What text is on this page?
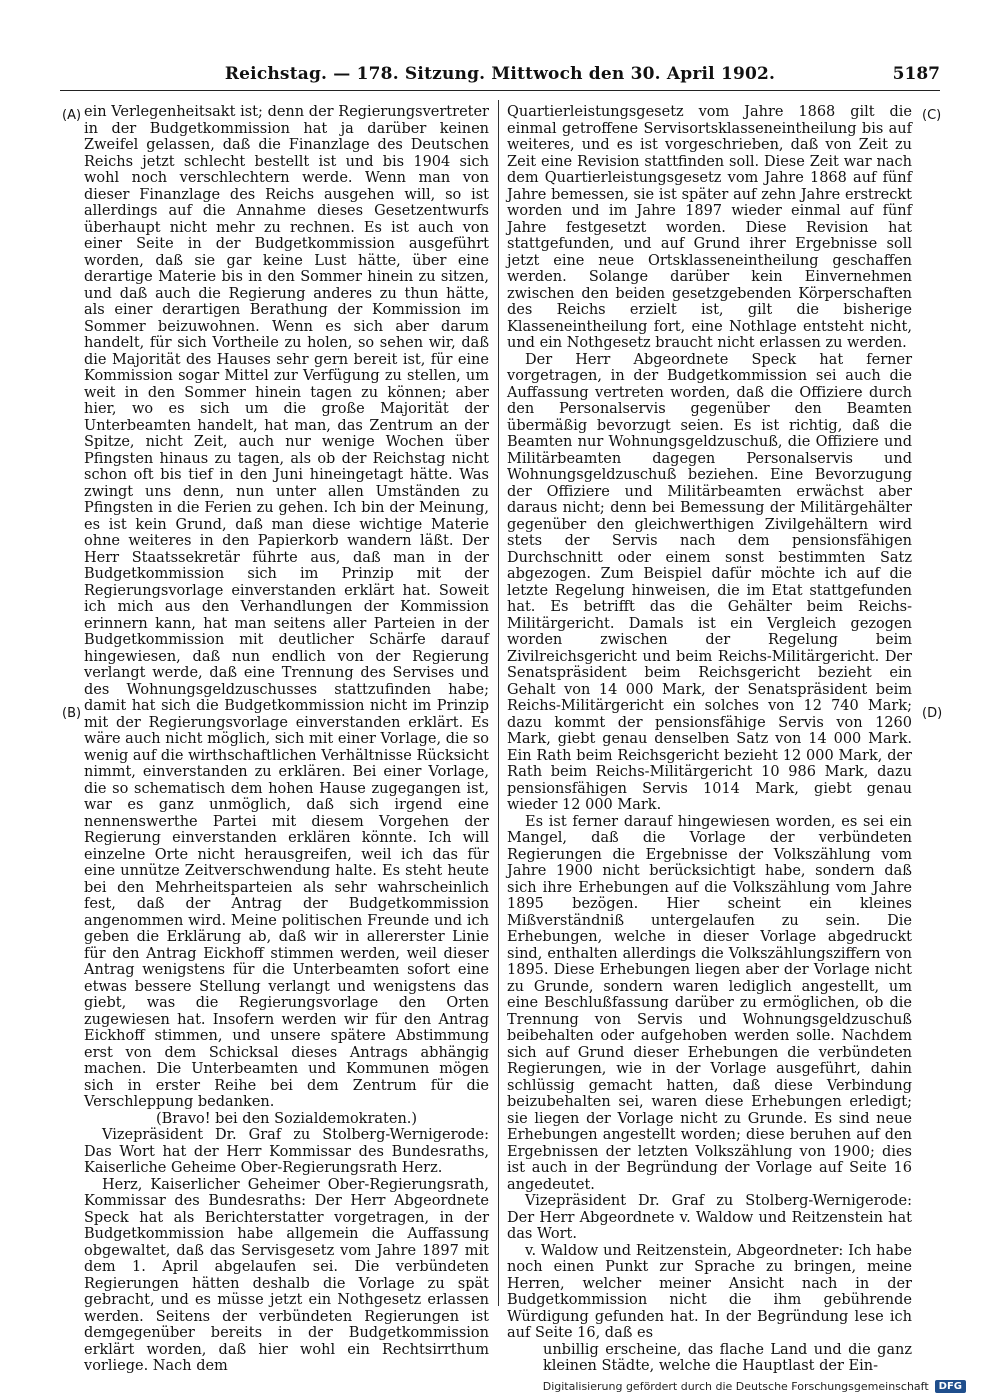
Reichstag. — 178. Sitzung. Mittwoch den 30. April 1902.	5187
(A)
(B)
(C)
(D)

ein Verlegenheitsakt ist; denn der Regierungsvertreter in der Budgetkommission hat ja darüber keinen Zweifel gelassen, daß die Finanzlage des Deutschen Reichs jetzt schlecht bestellt ist und bis 1904 sich wohl noch verschlechtern werde. Wenn man von dieser Finanzlage des Reichs ausgehen will, so ist allerdings auf die Annahme dieses Gesetzentwurfs überhaupt nicht mehr zu rechnen. Es ist auch von einer Seite in der Budgetkommission ausgeführt worden, daß sie gar keine Lust hätte, über eine derartige Materie bis in den Sommer hinein zu sitzen, und daß auch die Regierung anderes zu thun hätte, als einer derartigen Berathung der Kommission im Sommer beizuwohnen. Wenn es sich aber darum handelt, für sich Vortheile zu holen, so sehen wir, daß die Majorität des Hauses sehr gern bereit ist, für eine Kommission sogar Mittel zur Verfügung zu stellen, um weit in den Sommer hinein tagen zu können; aber hier, wo es sich um die große Majorität der Unterbeamten handelt, hat man, das Zentrum an der Spitze, nicht Zeit, auch nur wenige Wochen über Pfingsten hinaus zu tagen, als ob der Reichstag nicht schon oft bis tief in den Juni hineingetagt hätte. Was zwingt uns denn, nun unter allen Umständen zu Pfingsten in die Ferien zu gehen. Ich bin der Meinung, es ist kein Grund, daß man diese wichtige Materie ohne weiteres in den Papierkorb wandern läßt. Der Herr Staatssekretär führte aus, daß man in der Budgetkommission sich im Prinzip mit der Regierungsvorlage einverstanden erklärt hat. Soweit ich mich aus den Verhandlungen der Kommission erinnern kann, hat man seitens aller Parteien in der Budgetkommission mit deutlicher Schärfe darauf hingewiesen, daß nun endlich von der Regierung verlangt werde, daß eine Trennung des Servises und des Wohnungsgeldzuschusses stattzufinden habe; damit hat sich die Budgetkommission nicht im Prinzip mit der Regierungsvorlage einverstanden erklärt. Es wäre auch nicht möglich, sich mit einer Vorlage, die so wenig auf die wirthschaftlichen Verhältnisse Rücksicht nimmt, einverstanden zu erklären. Bei einer Vorlage, die so schematisch dem hohen Hause zugegangen ist, war es ganz unmöglich, daß sich irgend eine nennenswerthe Partei mit diesem Vorgehen der Regierung einverstanden erklären könnte. Ich will einzelne Orte nicht herausgreifen, weil ich das für eine unnütze Zeitverschwendung halte. Es steht heute bei den Mehrheitsparteien als sehr wahrscheinlich fest, daß der Antrag der Budgetkommission angenommen wird. Meine politischen Freunde und ich geben die Erklärung ab, daß wir in allererster Linie für den Antrag Eickhoff stimmen werden, weil dieser Antrag wenigstens für die Unterbeamten sofort eine etwas bessere Stellung verlangt und wenigstens das giebt, was die Regierungsvorlage den Orten zugewiesen hat. Insofern werden wir für den Antrag Eickhoff stimmen, und unsere spätere Abstimmung erst von dem Schicksal dieses Antrags abhängig machen. Die Unterbeamten und Kommunen mögen sich in erster Reihe bei dem Zentrum für die Verschleppung bedanken.

(Bravo! bei den Sozialdemokraten.)

Vizepräsident Dr. Graf zu Stolberg-Wernigerode: Das Wort hat der Herr Kommissar des Bundesraths, Kaiserliche Geheime Ober-Regierungsrath Herz.

Herz, Kaiserlicher Geheimer Ober-Regierungsrath, Kommissar des Bundesraths: Der Herr Abgeordnete Speck hat als Berichterstatter vorgetragen, in der Budgetkommission habe allgemein die Auffassung obgewaltet, daß das Servisgesetz vom Jahre 1897 mit dem 1. April abgelaufen sei. Die verbündeten Regierungen hätten deshalb die Vorlage zu spät gebracht, und es müsse jetzt ein Nothgesetz erlassen werden. Seitens der verbündeten Regierungen ist demgegenüber bereits in der Budgetkommission erklärt worden, daß hier wohl ein Rechtsirrthum vorliege. Nach dem

Quartierleistungsgesetz vom Jahre 1868 gilt die einmal getroffene Servisortsklasseneintheilung bis auf weiteres, und es ist vorgeschrieben, daß von Zeit zu Zeit eine Revision stattfinden soll. Diese Zeit war nach dem Quartierleistungsgesetz vom Jahre 1868 auf fünf Jahre bemessen, sie ist später auf zehn Jahre erstreckt worden und im Jahre 1897 wieder einmal auf fünf Jahre festgesetzt worden. Diese Revision hat stattgefunden, und auf Grund ihrer Ergebnisse soll jetzt eine neue Ortsklasseneintheilung geschaffen werden. Solange darüber kein Einvernehmen zwischen den beiden gesetzgebenden Körperschaften des Reichs erzielt ist, gilt die bisherige Klasseneintheilung fort, eine Nothlage entsteht nicht, und ein Nothgesetz braucht nicht erlassen zu werden.

Der Herr Abgeordnete Speck hat ferner vorgetragen, in der Budgetkommission sei auch die Auffassung vertreten worden, daß die Offiziere durch den Personalservis gegenüber den Beamten übermäßig bevorzugt seien. Es ist richtig, daß die Beamten nur Wohnungsgeldzuschuß, die Offiziere und Militärbeamten dagegen Personalservis und Wohnungsgeldzuschuß beziehen. Eine Bevorzugung der Offiziere und Militärbeamten erwächst aber daraus nicht; denn bei Bemessung der Militärgehälter gegenüber den gleichwerthigen Zivilgehältern wird stets der Servis nach dem pensionsfähigen Durchschnitt oder einem sonst bestimmten Satz abgezogen. Zum Beispiel dafür möchte ich auf die letzte Regelung hinweisen, die im Etat stattgefunden hat. Es betrifft das die Gehälter beim Reichs-Militärgericht. Damals ist ein Vergleich gezogen worden zwischen der Regelung beim Zivilreichsgericht und beim Reichs-Militärgericht. Der Senatspräsident beim Reichsgericht bezieht ein Gehalt von 14 000 Mark, der Senatspräsident beim Reichs-Militärgericht ein solches von 12 740 Mark; dazu kommt der pensionsfähige Servis von 1260 Mark, giebt genau denselben Satz von 14 000 Mark. Ein Rath beim Reichsgericht bezieht 12 000 Mark, der Rath beim Reichs-Militärgericht 10 986 Mark, dazu pensionsfähigen Servis 1014 Mark, giebt genau wieder 12 000 Mark.

Es ist ferner darauf hingewiesen worden, es sei ein Mangel, daß die Vorlage der verbündeten Regierungen die Ergebnisse der Volkszählung vom Jahre 1900 nicht berücksichtigt habe, sondern daß sich ihre Erhebungen auf die Volkszählung vom Jahre 1895 bezögen. Hier scheint ein kleines Mißverständniß untergelaufen zu sein. Die Erhebungen, welche in dieser Vorlage abgedruckt sind, enthalten allerdings die Volkszählungsziffern von 1895. Diese Erhebungen liegen aber der Vorlage nicht zu Grunde, sondern waren lediglich angestellt, um eine Beschlußfassung darüber zu ermöglichen, ob die Trennung von Servis und Wohnungsgeldzuschuß beibehalten oder aufgehoben werden solle. Nachdem sich auf Grund dieser Erhebungen die verbündeten Regierungen, wie in der Vorlage ausgeführt, dahin schlüssig gemacht hatten, daß diese Verbindung beizubehalten sei, waren diese Erhebungen erledigt; sie liegen der Vorlage nicht zu Grunde. Es sind neue Erhebungen angestellt worden; diese beruhen auf den Ergebnissen der letzten Volkszählung von 1900; dies ist auch in der Begründung der Vorlage auf Seite 16 angedeutet.

Vizepräsident Dr. Graf zu Stolberg-Wernigerode: Der Herr Abgeordnete v. Waldow und Reitzenstein hat das Wort.

v. Waldow und Reitzenstein, Abgeordneter: Ich habe noch einen Punkt zur Sprache zu bringen, meine Herren, welcher meiner Ansicht nach in der Budgetkommission nicht die ihm gebührende Würdigung gefunden hat. In der Begründung lese ich auf Seite 16, daß es

unbillig erscheine, das flache Land und die ganz kleinen Städte, welche die Hauptlast der Ein-

Digitalisierung gefördert durch die Deutsche Forschungsgemeinschaft	DFG
